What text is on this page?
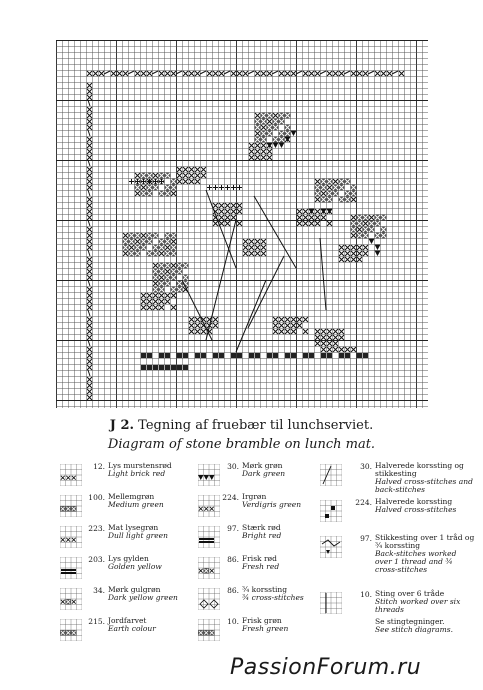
J 2. Tegning af fruebær til lunchserviet.
Diagram of stone bramble on lunch mat.
12. Lys murstensrød
Light brick red
100. Mellemgrøn
Medium green
223. Mat lysegrøn
Dull light green
203. Lys gylden
Golden yellow
34. Mørk gulgrøn
Dark yellow green
215. Jordfarvet
Earth colour
30. Mørk grøn
Dark green
224. Irgrøn
Verdigris green
97. Stærk rød
Bright red
86. Frisk rød
Fresh red
86. ¾ korssting
¾ cross-stitches
10. Frisk grøn
Fresh green
30. Halverede korssting og stikkesting
Halved cross-stitches and back-stitches
224. Halverede korssting
Halved cross-stitches
97. Stikkesting over 1 tråd og ¾ korssting
Back-stitches worked over 1 thread and ¾ cross-stitches
10. Sting over 6 tråde
Stitch worked over six threads
Se stingtegninger.
See stitch diagrams.
PassionForum.ru
